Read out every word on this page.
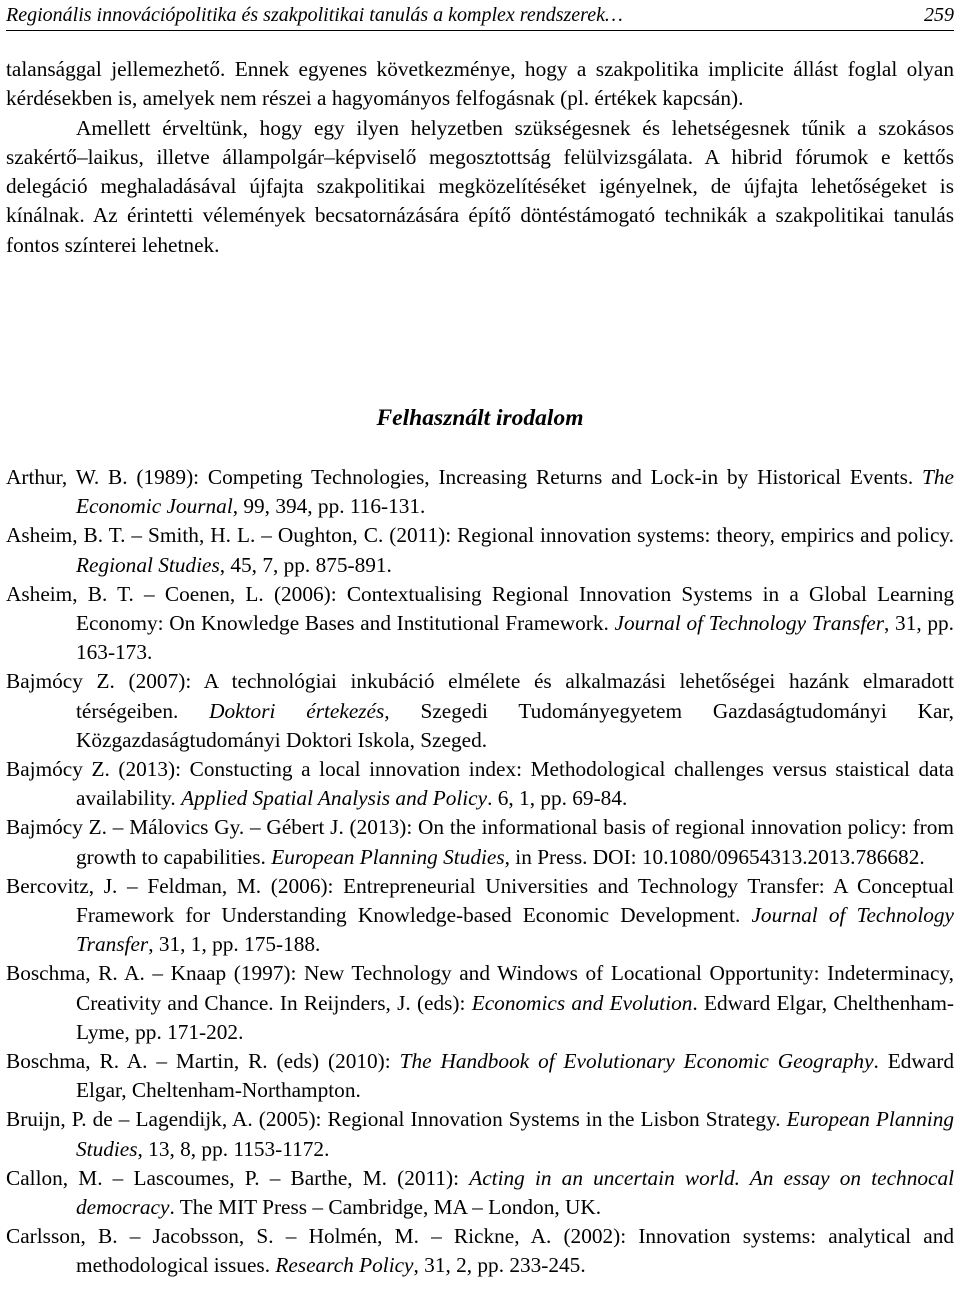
Regionális innovációpolitika és szakpolitikai tanulás a komplex rendszerek…	259

talansággal jellemezhető. Ennek egyenes következménye, hogy a szakpolitika implicite állást foglal olyan kérdésekben is, amelyek nem részei a hagyományos felfogásnak (pl. értékek kapcsán).

Amellett érveltünk, hogy egy ilyen helyzetben szükségesnek és lehetségesnek tűnik a szokásos szakértő–laikus, illetve állampolgár–képviselő megosztottság felülvizsgálata. A hibrid fórumok e kettős delegáció meghaladásával újfajta szakpolitikai megközelítéséket igényelnek, de újfajta lehetőségeket is kínálnak. Az érintetti vélemények becsatornázására építő döntéstámogató technikák a szakpolitikai tanulás fontos színterei lehetnek.

Felhasznált irodalom

Arthur, W. B. (1989): Competing Technologies, Increasing Returns and Lock-in by Historical Events. The Economic Journal, 99, 394, pp. 116-131.

Asheim, B. T. – Smith, H. L. – Oughton, C. (2011): Regional innovation systems: theory, empirics and policy. Regional Studies, 45, 7, pp. 875-891.

Asheim, B. T. – Coenen, L. (2006): Contextualising Regional Innovation Systems in a Global Learning Economy: On Knowledge Bases and Institutional Framework. Journal of Technology Transfer, 31, pp. 163-173.

Bajmócy Z. (2007): A technológiai inkubáció elmélete és alkalmazási lehetőségei hazánk elmaradott térségeiben. Doktori értekezés, Szegedi Tudományegyetem Gazdaságtudományi Kar, Közgazdaságtudományi Doktori Iskola, Szeged.

Bajmócy Z. (2013): Constucting a local innovation index: Methodological challenges versus staistical data availability. Applied Spatial Analysis and Policy. 6, 1, pp. 69-84.

Bajmócy Z. – Málovics Gy. – Gébert J. (2013): On the informational basis of regional innovation policy: from growth to capabilities. European Planning Studies, in Press. DOI: 10.1080/09654313.2013.786682.

Bercovitz, J. – Feldman, M. (2006): Entrepreneurial Universities and Technology Transfer: A Conceptual Framework for Understanding Knowledge-based Economic Development. Journal of Technology Transfer, 31, 1, pp. 175-188.

Boschma, R. A. – Knaap (1997): New Technology and Windows of Locational Opportunity: Indeterminacy, Creativity and Chance. In Reijnders, J. (eds): Economics and Evolution. Edward Elgar, Chelthenham-Lyme, pp. 171-202.

Boschma, R. A. – Martin, R. (eds) (2010): The Handbook of Evolutionary Economic Geography. Edward Elgar, Cheltenham-Northampton.

Bruijn, P. de – Lagendijk, A. (2005): Regional Innovation Systems in the Lisbon Strategy. European Planning Studies, 13, 8, pp. 1153-1172.

Callon, M. – Lascoumes, P. – Barthe, M. (2011): Acting in an uncertain world. An essay on technocal democracy. The MIT Press – Cambridge, MA – London, UK.

Carlsson, B. – Jacobsson, S. – Holmén, M. – Rickne, A. (2002): Innovation systems: analytical and methodological issues. Research Policy, 31, 2, pp. 233-245.
